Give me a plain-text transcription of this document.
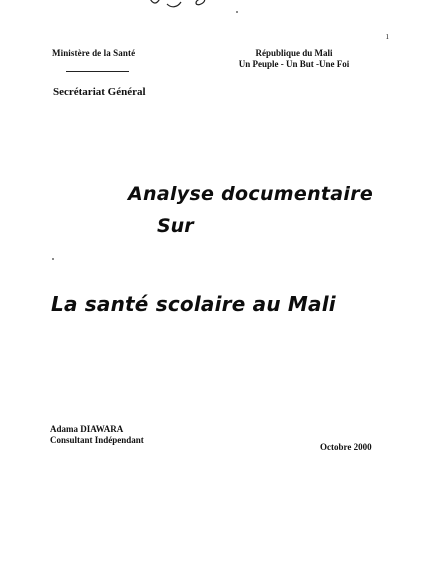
1
Ministère de la Santé	République du Mali
Un Peuple - Un But -Une Foi
Secrétariat Général
Analyse documentaire
Sur
La santé scolaire au Mali
Adama DIAWARA
Consultant Indépendant
Octobre 2000
